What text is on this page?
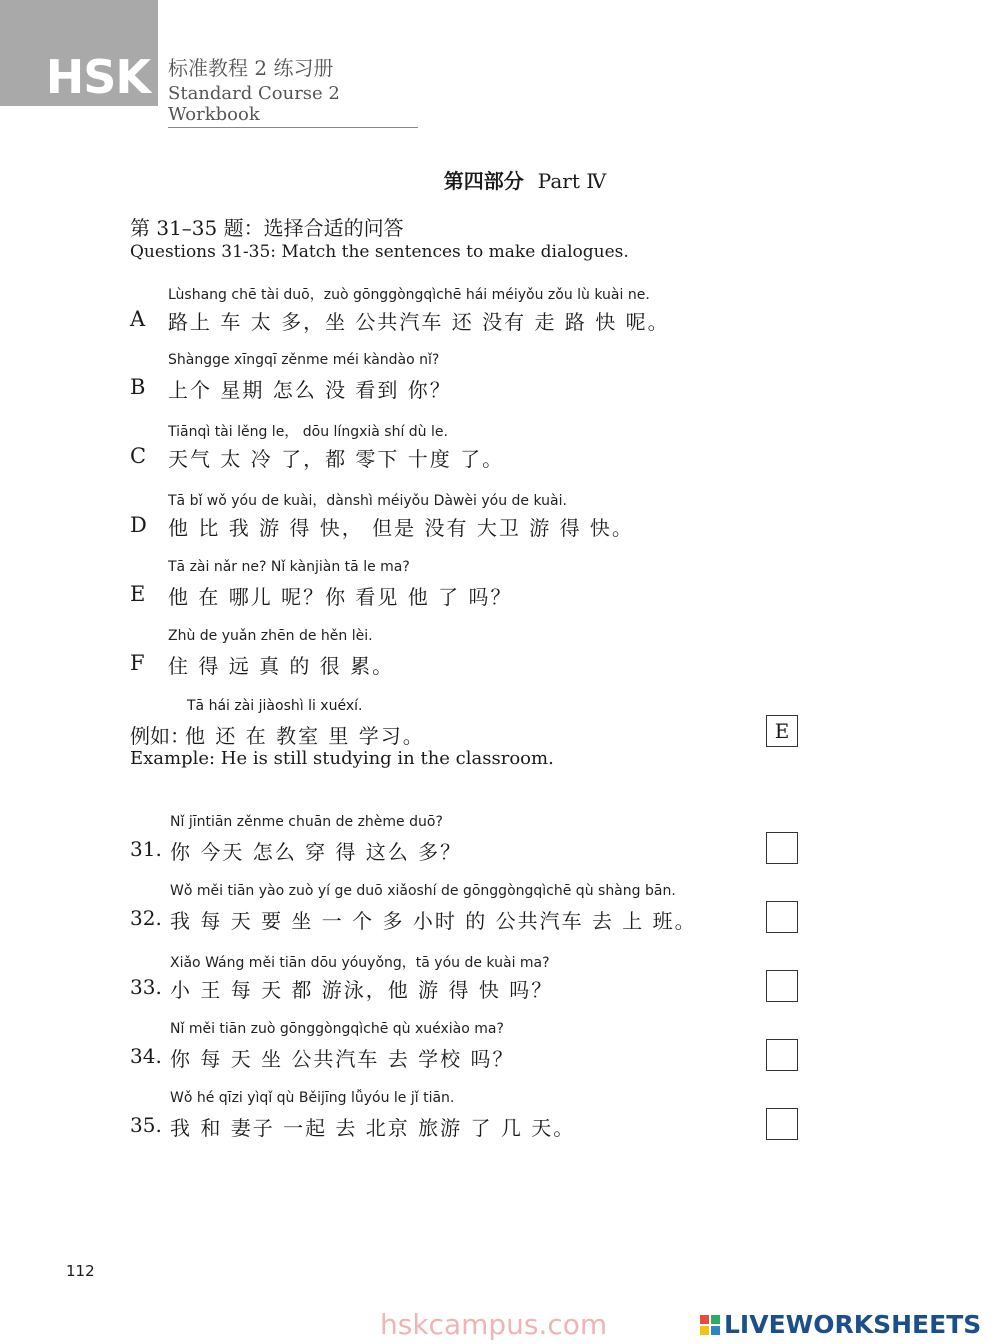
HSK 标准教程 2 练习册
Standard Course 2 Workbook
第四部分 Part Ⅳ
第 31–35 题：选择合适的问答
Questions 31-35: Match the sentences to make dialogues.
Lùshang chē tài duō，zuò gōnggòngqìchē hái méiyǒu zǒu lù kuài ne.
A 路上 车 太 多，坐 公共汽车 还 没有 走 路 快 呢。
Shàngge xīngqī zěnme méi kàndào nǐ?
B 上个 星期 怎么 没 看到 你？
Tiānqì tài lěng le， dōu língxià shí dù le.
C 天气 太 冷 了，都 零下 十度 了。
Tā bǐ wǒ yóu de kuài，dànshì méiyǒu Dàwèi yóu de kuài.
D 他 比 我 游 得 快， 但是 没有 大卫 游 得 快。
Tā zài nǎr ne? Nǐ kànjiàn tā le ma?
E 他 在 哪儿 呢？你 看见 他 了 吗？
Zhù de yuǎn zhēn de hěn lèi.
F 住 得 远 真 的 很 累。
Tā hái zài jiàoshì li xuéxí.
例如：
他 还 在 教室 里 学习。
Example: He is still studying in the classroom.
E
Nǐ jīntiān zěnme chuān de zhème duō?
31. 你 今天 怎么 穿 得 这么 多？
Wǒ měi tiān yào zuò yí ge duō xiǎoshí de gōnggòngqìchē qù shàng bān.
32. 我 每 天 要 坐 一 个 多 小时 的 公共汽车 去 上 班。
Xiǎo Wáng měi tiān dōu yóuyǒng，tā yóu de kuài ma?
33. 小 王 每 天 都 游泳，他 游 得 快 吗？
Nǐ měi tiān zuò gōnggòngqìchē qù xuéxiào ma?
34. 你 每 天 坐 公共汽车 去 学校 吗？
Wǒ hé qīzi yìqǐ qù Běijīng lǚyóu le jǐ tiān.
35. 我 和 妻子 一起 去 北京 旅游 了 几 天。
112
hskcampus.com	LIVEWORKSHEETS
